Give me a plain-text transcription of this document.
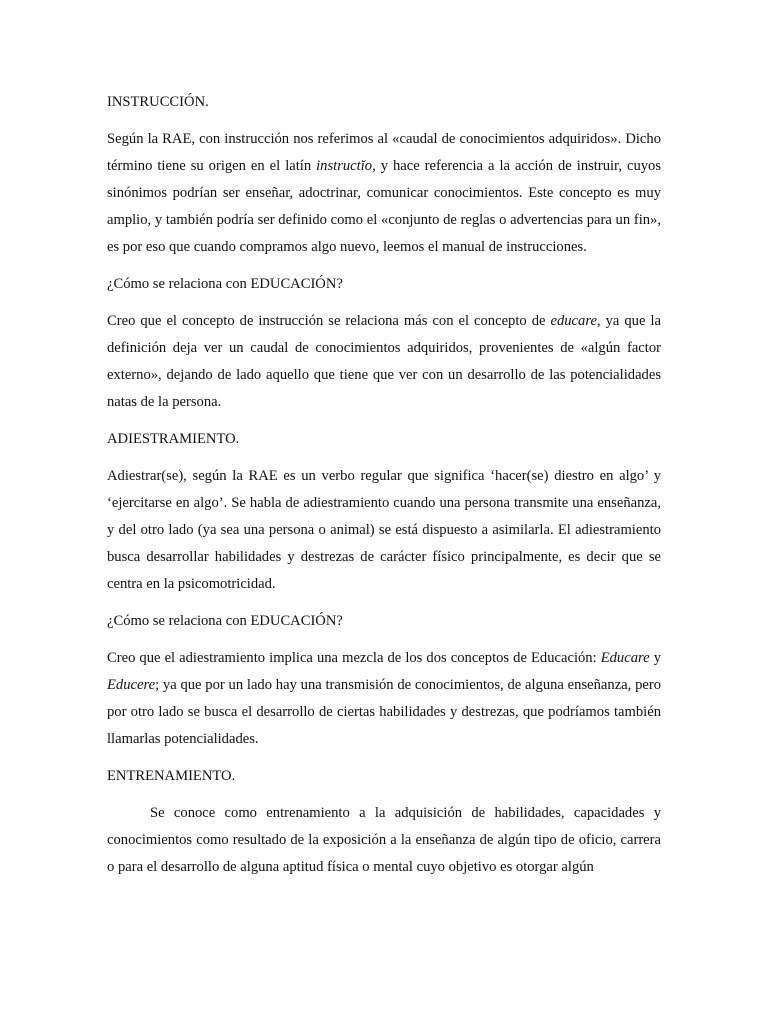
INSTRUCCIÓN.

Según la RAE, con instrucción nos referimos al «caudal de conocimientos adquiridos». Dicho término tiene su origen en el latín instructĭo, y hace referencia a la acción de instruir, cuyos sinónimos podrían ser enseñar, adoctrinar, comunicar conocimientos. Este concepto es muy amplio, y también podría ser definido como el «conjunto de reglas o advertencias para un fin», es por eso que cuando compramos algo nuevo, leemos el manual de instrucciones.

¿Cómo se relaciona con EDUCACIÓN?

Creo que el concepto de instrucción se relaciona más con el concepto de educare, ya que la definición deja ver un caudal de conocimientos adquiridos, provenientes de «algún factor externo», dejando de lado aquello que tiene que ver con un desarrollo de las potencialidades natas de la persona.

ADIESTRAMIENTO.

Adiestrar(se), según la RAE es un verbo regular que significa ‘hacer(se) diestro en algo’ y ‘ejercitarse en algo’. Se habla de adiestramiento cuando una persona transmite una enseñanza, y del otro lado (ya sea una persona o animal) se está dispuesto a asimilarla. El adiestramiento busca desarrollar habilidades y destrezas de carácter físico principalmente, es decir que se centra en la psicomotricidad.

¿Cómo se relaciona con EDUCACIÓN?

Creo que el adiestramiento implica una mezcla de los dos conceptos de Educación: Educare y Educere; ya que por un lado hay una transmisión de conocimientos, de alguna enseñanza, pero por otro lado se busca el desarrollo de ciertas habilidades y destrezas, que podríamos también llamarlas potencialidades.

ENTRENAMIENTO.

Se conoce como entrenamiento a la adquisición de habilidades, capacidades y conocimientos como resultado de la exposición a la enseñanza de algún tipo de oficio, carrera o para el desarrollo de alguna aptitud física o mental cuyo objetivo es otorgar algún
